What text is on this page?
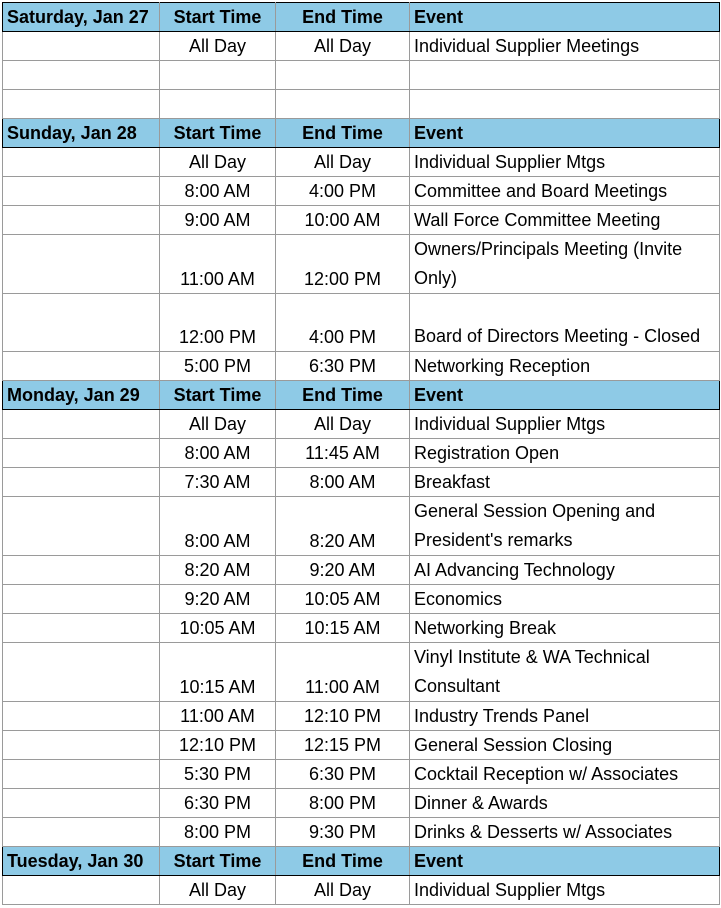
Saturday, Jan 27	Start Time	End Time	Event
	All Day	All Day	Individual Supplier Meetings

Sunday, Jan 28	Start Time	End Time	Event
	All Day	All Day	Individual Supplier Mtgs
	8:00 AM	4:00 PM	Committee and Board Meetings
	9:00 AM	10:00 AM	Wall Force Committee Meeting
	11:00 AM	12:00 PM	Owners/Principals Meeting (Invite Only)
	12:00 PM	4:00 PM	Board of Directors Meeting - Closed
	5:00 PM	6:30 PM	Networking Reception
Monday, Jan 29	Start Time	End Time	Event
	All Day	All Day	Individual Supplier Mtgs
	8:00 AM	11:45 AM	Registration Open
	7:30 AM	8:00 AM	Breakfast
	8:00 AM	8:20 AM	General Session Opening and President's remarks
	8:20 AM	9:20 AM	AI Advancing Technology
	9:20 AM	10:05 AM	Economics
	10:05 AM	10:15 AM	Networking Break
	10:15 AM	11:00 AM	Vinyl Institute & WA Technical Consultant
	11:00 AM	12:10 PM	Industry Trends Panel
	12:10 PM	12:15 PM	General Session Closing
	5:30 PM	6:30 PM	Cocktail Reception w/ Associates
	6:30 PM	8:00 PM	Dinner & Awards
	8:00 PM	9:30 PM	Drinks & Desserts w/ Associates
Tuesday, Jan 30	Start Time	End Time	Event
	All Day	All Day	Individual Supplier Mtgs
